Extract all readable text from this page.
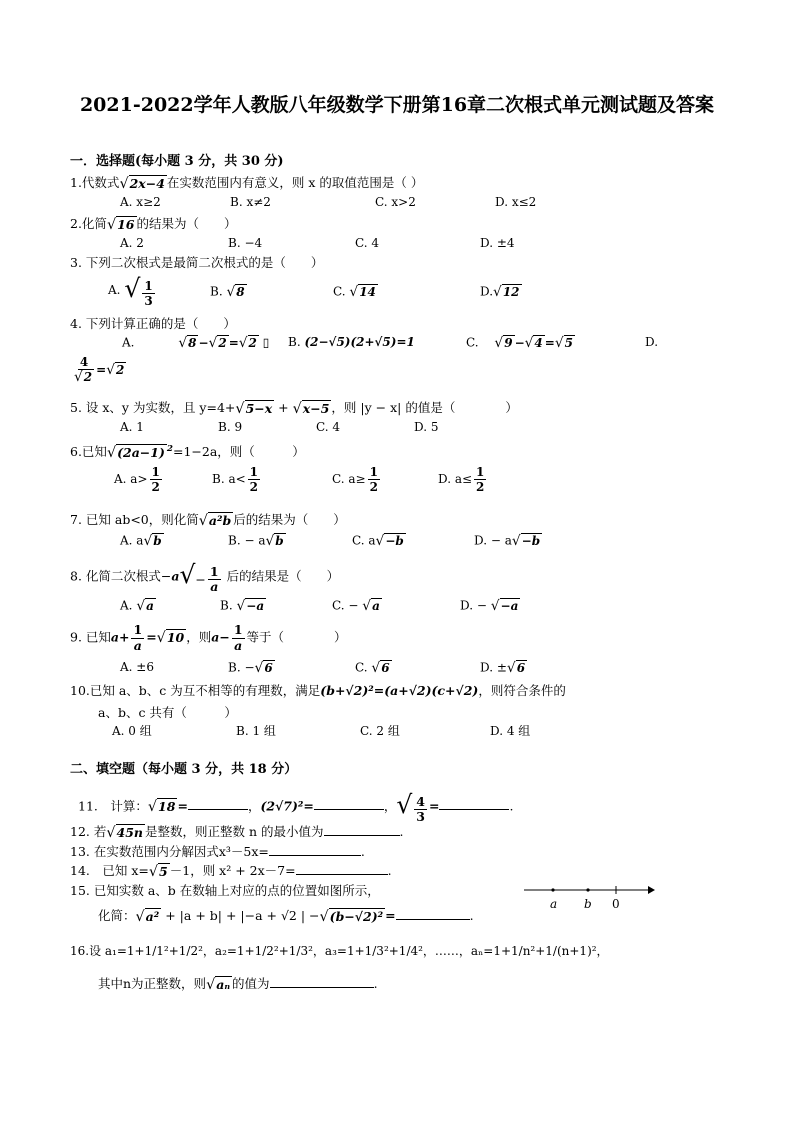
2021-2022学年人教版八年级数学下册第16章二次根式单元测试题及答案
一．选择题(每小题 3 分，共 30 分)
1.代数式√2x−4 在实数范围内有意义，则 x 的取值范围是（ ）
A. x≥2	B. x≠2	C. x>2	D. x≤2
2.化简√16 的结果为（　　）
A. 2	B. −4	C. 4	D. ±4
3. 下列二次根式是最简二次根式的是（　　）
A. √ $\frac{1}{3}$	B. √8	C. √14	D.√12
4. 下列计算正确的是（　　）
A.	√8 −√2 =√2 ▯ B. (2−√5)(2+√5)=1	C. √9 −√4 =√5	D.
$\frac{4}{√2} =√2$
5. 设 x、y 为实数，且 y=4+√5−x + √x−5 ，则 |y − x| 的值是（　　　　）
A. 1	B. 9	C. 4	D. 5
6.已知√(2a−1) $^2$=1−2a，则（　　　）
A. $a> \frac{1}{2}$	B. $a< \frac{1}{2}$	C. $a\ge \frac{1}{2}$	D. $a\le \frac{1}{2}$
7. 已知 ab<0，则化简√a²b 后的结果为（　　）
A. a√b	B. − a√b	C. a√−b	D. − a√−b
8. 化简二次根式$-a√- \frac{1}{a}$ 后的结果是（　　）
A. √a	B. √−a	C. − √a	D. − √−a
9. 已知$a+ \frac{1}{a} =√10$ ，则$a- \frac{1}{a}$ 等于（　　　　）
A. ±6	B. −√6	C. √6	D. ±√6
10.已知 a、b、c 为互不相等的有理数，满足(b+√2)²=(a+√2)(c+√2)，则符合条件的
a、b、c 共有（　　　）
A. 0 组	B. 1 组	C. 2 组	D. 4 组
二、填空题（每小题 3 分，共 18 分）
11.　计算：√18 =	，(2√7)²=	，√ $\frac{4}{3}$ =	.
12. 若√45n 是整数，则正整数 n 的最小值为	.
13. 在实数范围内分解因式x³－5x=	.
14.　已知 x=√5 －1，则 x² + 2x－7=	.
15. 已知实数 a、b 在数轴上对应的点的位置如图所示，
化简：√a² + |a + b| + |−a + √2 | −√(b−√2)² =	.
a b 0
16.设 a₁=1+1/1²+1/2²，a₂=1+1/2²+1/3²，a₃=1+1/3²+1/4²，……，aₙ=1+1/n²+1/(n+1)²，
其中n为正整数，则√aₙ 的值为	.
